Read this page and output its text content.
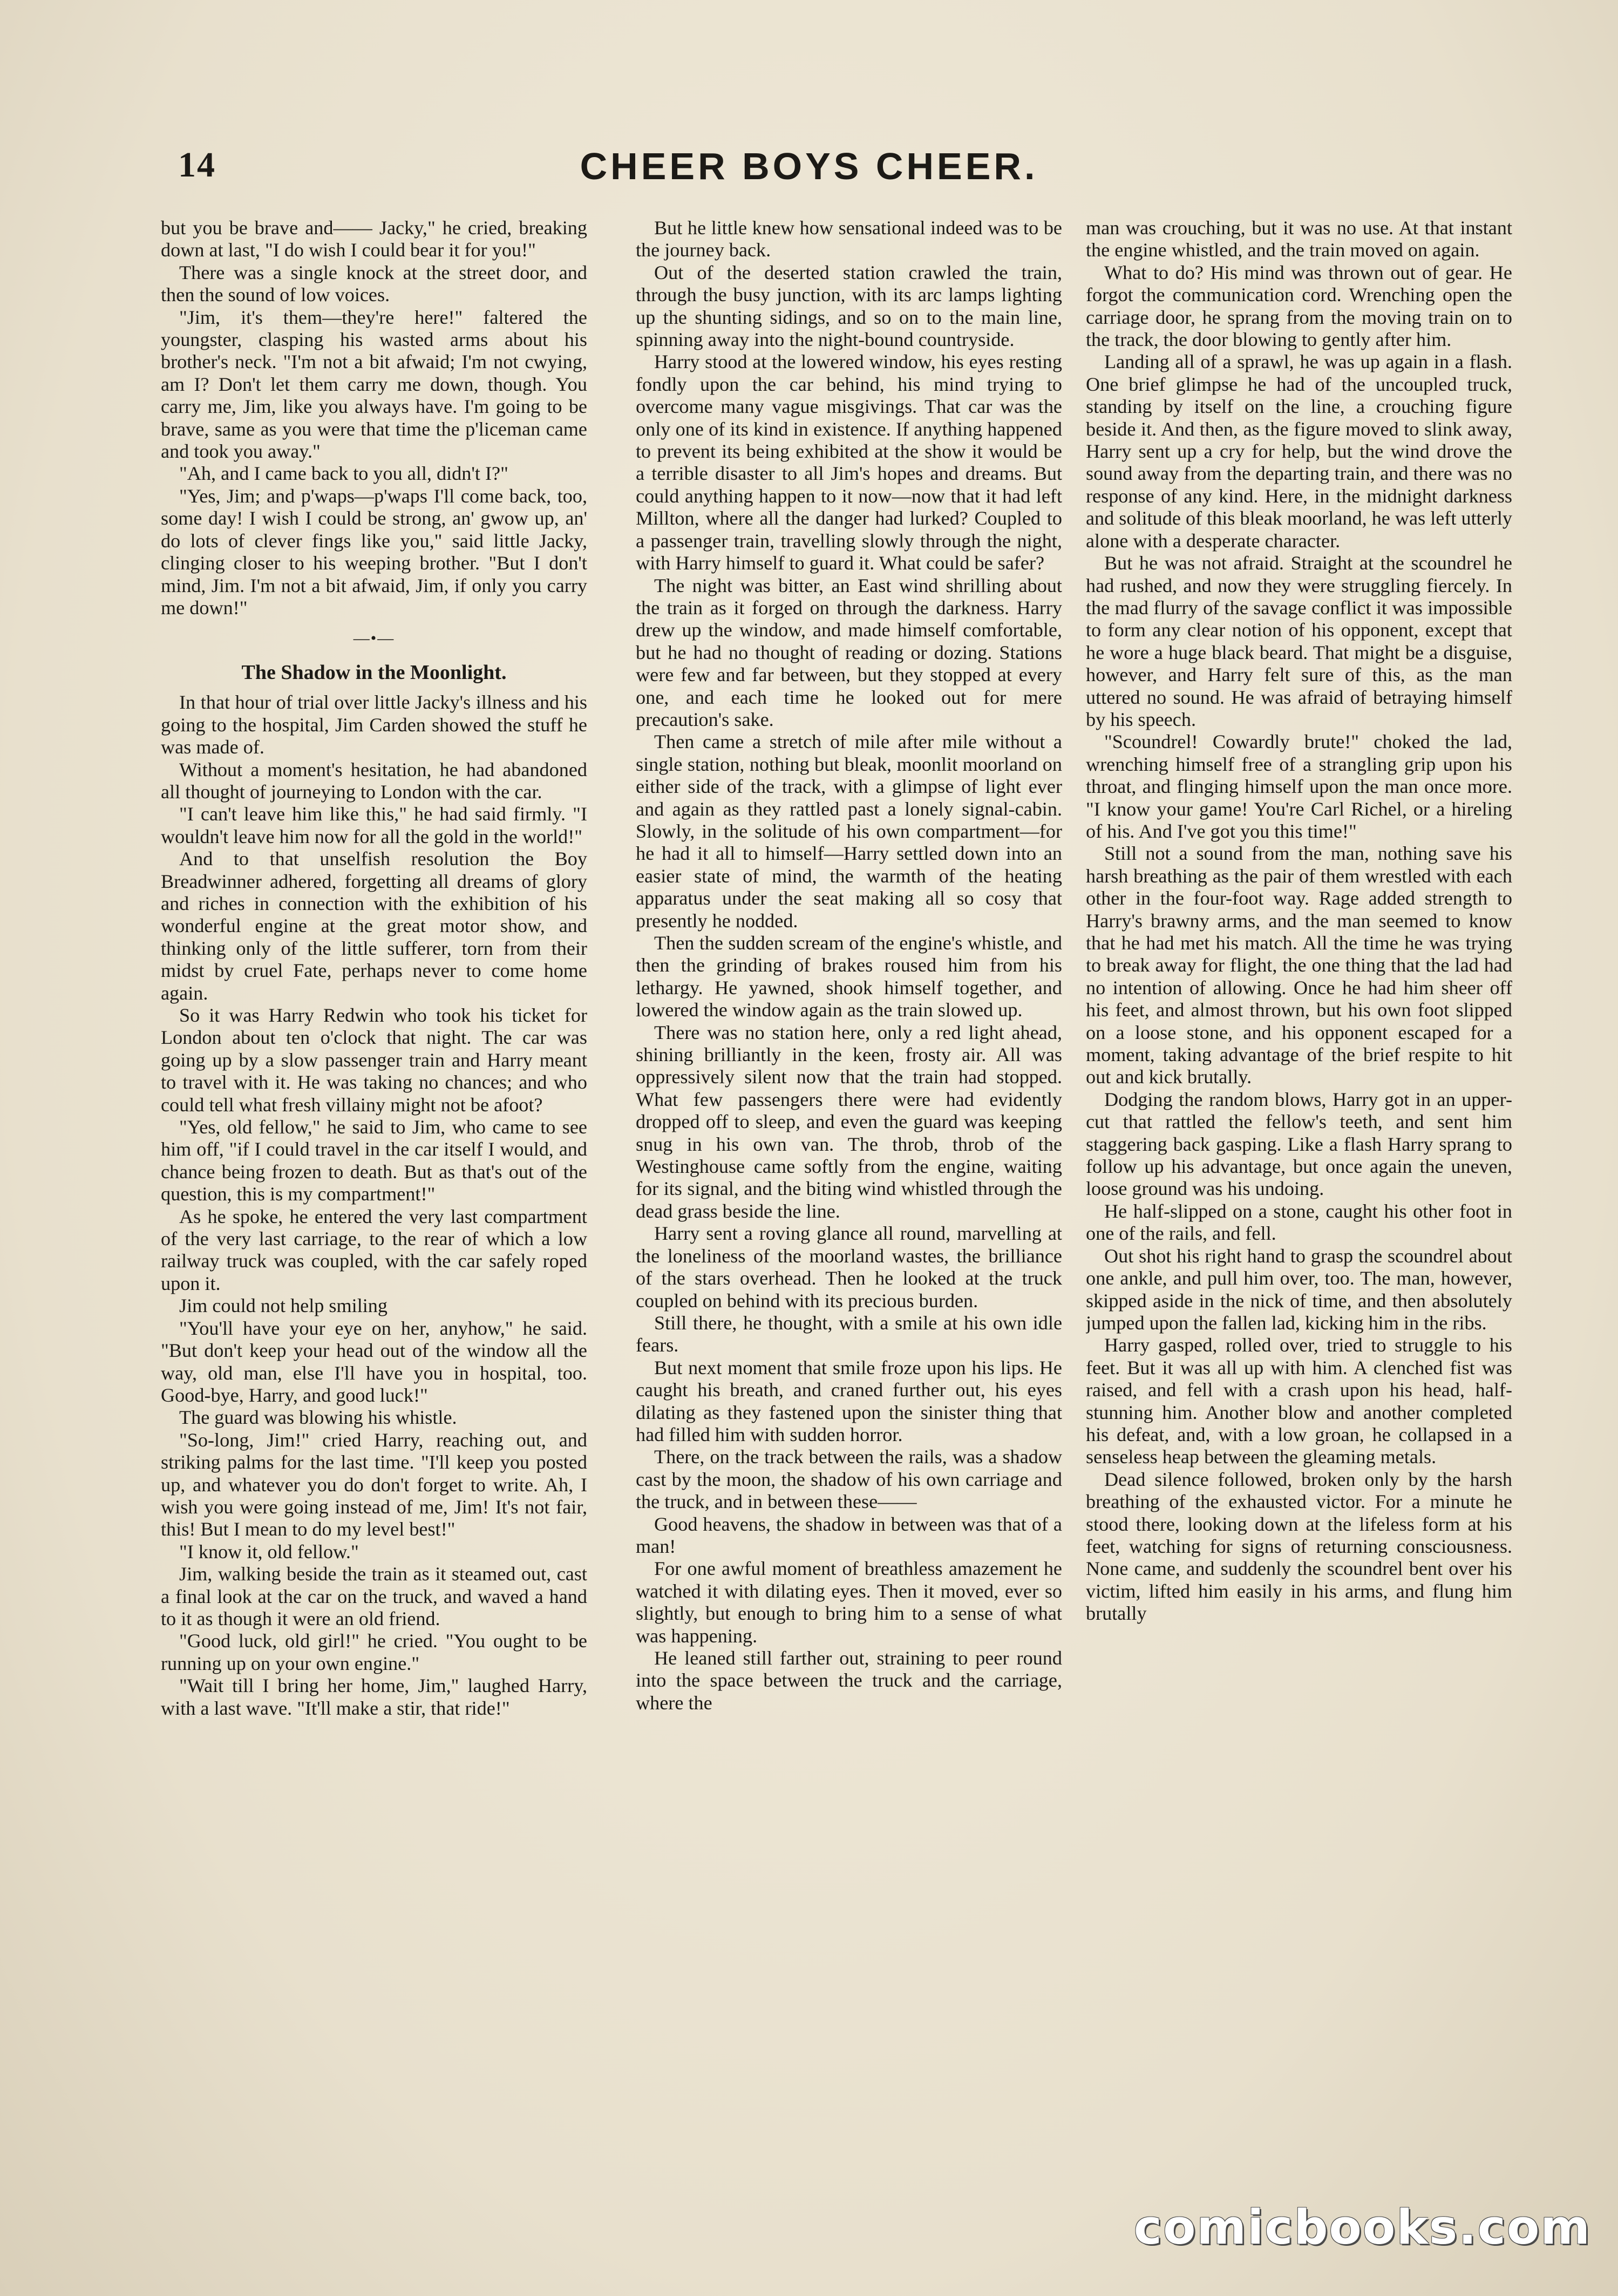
14	CHEER BOYS CHEER.

but you be brave and—— Jacky," he cried, breaking down at last, "I do wish I could bear it for you!"

There was a single knock at the street door, and then the sound of low voices.

"Jim, it's them—they're here!" faltered the youngster, clasping his wasted arms about his brother's neck. "I'm not a bit afwaid; I'm not cwying, am I? Don't let them carry me down, though. You carry me, Jim, like you always have. I'm going to be brave, same as you were that time the p'liceman came and took you away."

"Ah, and I came back to you all, didn't I?"

"Yes, Jim; and p'waps—p'waps I'll come back, too, some day! I wish I could be strong, an' gwow up, an' do lots of clever fings like you," said little Jacky, clinging closer to his weeping brother. "But I don't mind, Jim. I'm not a bit afwaid, Jim, if only you carry me down!"

—•—
The Shadow in the Moonlight.

In that hour of trial over little Jacky's illness and his going to the hospital, Jim Carden showed the stuff he was made of.

Without a moment's hesitation, he had abandoned all thought of journeying to London with the car.

"I can't leave him like this," he had said firmly. "I wouldn't leave him now for all the gold in the world!"

And to that unselfish resolution the Boy Breadwinner adhered, forgetting all dreams of glory and riches in connection with the exhibition of his wonderful engine at the great motor show, and thinking only of the little sufferer, torn from their midst by cruel Fate, perhaps never to come home again.

So it was Harry Redwin who took his ticket for London about ten o'clock that night. The car was going up by a slow passenger train and Harry meant to travel with it. He was taking no chances; and who could tell what fresh villainy might not be afoot?

"Yes, old fellow," he said to Jim, who came to see him off, "if I could travel in the car itself I would, and chance being frozen to death. But as that's out of the question, this is my compartment!"

As he spoke, he entered the very last compartment of the very last carriage, to the rear of which a low railway truck was coupled, with the car safely roped upon it.

Jim could not help smiling

"You'll have your eye on her, anyhow," he said. "But don't keep your head out of the window all the way, old man, else I'll have you in hospital, too. Good-bye, Harry, and good luck!"

The guard was blowing his whistle.

"So-long, Jim!" cried Harry, reaching out, and striking palms for the last time. "I'll keep you posted up, and whatever you do don't forget to write. Ah, I wish you were going instead of me, Jim! It's not fair, this! But I mean to do my level best!"

"I know it, old fellow."

Jim, walking beside the train as it steamed out, cast a final look at the car on the truck, and waved a hand to it as though it were an old friend.

"Good luck, old girl!" he cried. "You ought to be running up on your own engine."

"Wait till I bring her home, Jim," laughed Harry, with a last wave. "It'll make a stir, that ride!"

But he little knew how sensational indeed was to be the journey back.

Out of the deserted station crawled the train, through the busy junction, with its arc lamps lighting up the shunting sidings, and so on to the main line, spinning away into the night-bound countryside.

Harry stood at the lowered window, his eyes resting fondly upon the car behind, his mind trying to overcome many vague misgivings. That car was the only one of its kind in existence. If anything happened to prevent its being exhibited at the show it would be a terrible disaster to all Jim's hopes and dreams. But could anything happen to it now—now that it had left Millton, where all the danger had lurked? Coupled to a passenger train, travelling slowly through the night, with Harry himself to guard it. What could be safer?

The night was bitter, an East wind shrilling about the train as it forged on through the darkness. Harry drew up the window, and made himself comfortable, but he had no thought of reading or dozing. Stations were few and far between, but they stopped at every one, and each time he looked out for mere precaution's sake.

Then came a stretch of mile after mile without a single station, nothing but bleak, moonlit moorland on either side of the track, with a glimpse of light ever and again as they rattled past a lonely signal-cabin. Slowly, in the solitude of his own compartment—for he had it all to himself—Harry settled down into an easier state of mind, the warmth of the heating apparatus under the seat making all so cosy that presently he nodded.

Then the sudden scream of the engine's whistle, and then the grinding of brakes roused him from his lethargy. He yawned, shook himself together, and lowered the window again as the train slowed up.

There was no station here, only a red light ahead, shining brilliantly in the keen, frosty air. All was oppressively silent now that the train had stopped. What few passengers there were had evidently dropped off to sleep, and even the guard was keeping snug in his own van. The throb, throb of the Westinghouse came softly from the engine, waiting for its signal, and the biting wind whistled through the dead grass beside the line.

Harry sent a roving glance all round, marvelling at the loneliness of the moorland wastes, the brilliance of the stars overhead. Then he looked at the truck coupled on behind with its precious burden.

Still there, he thought, with a smile at his own idle fears.

But next moment that smile froze upon his lips. He caught his breath, and craned further out, his eyes dilating as they fastened upon the sinister thing that had filled him with sudden horror.

There, on the track between the rails, was a shadow cast by the moon, the shadow of his own carriage and the truck, and in between these——

Good heavens, the shadow in between was that of a man!

For one awful moment of breathless amazement he watched it with dilating eyes. Then it moved, ever so slightly, but enough to bring him to a sense of what was happening.

He leaned still farther out, straining to peer round into the space between the truck and the carriage, where the

man was crouching, but it was no use. At that instant the engine whistled, and the train moved on again.

What to do? His mind was thrown out of gear. He forgot the communication cord. Wrenching open the carriage door, he sprang from the moving train on to the track, the door blowing to gently after him.

Landing all of a sprawl, he was up again in a flash. One brief glimpse he had of the uncoupled truck, standing by itself on the line, a crouching figure beside it. And then, as the figure moved to slink away, Harry sent up a cry for help, but the wind drove the sound away from the departing train, and there was no response of any kind. Here, in the midnight darkness and solitude of this bleak moorland, he was left utterly alone with a desperate character.

But he was not afraid. Straight at the scoundrel he had rushed, and now they were struggling fiercely. In the mad flurry of the savage conflict it was impossible to form any clear notion of his opponent, except that he wore a huge black beard. That might be a disguise, however, and Harry felt sure of this, as the man uttered no sound. He was afraid of betraying himself by his speech.

"Scoundrel! Cowardly brute!" choked the lad, wrenching himself free of a strangling grip upon his throat, and flinging himself upon the man once more. "I know your game! You're Carl Richel, or a hireling of his. And I've got you this time!"

Still not a sound from the man, nothing save his harsh breathing as the pair of them wrestled with each other in the four-foot way. Rage added strength to Harry's brawny arms, and the man seemed to know that he had met his match. All the time he was trying to break away for flight, the one thing that the lad had no intention of allowing. Once he had him sheer off his feet, and almost thrown, but his own foot slipped on a loose stone, and his opponent escaped for a moment, taking advantage of the brief respite to hit out and kick brutally.

Dodging the random blows, Harry got in an upper-cut that rattled the fellow's teeth, and sent him staggering back gasping. Like a flash Harry sprang to follow up his advantage, but once again the uneven, loose ground was his undoing.

He half-slipped on a stone, caught his other foot in one of the rails, and fell.

Out shot his right hand to grasp the scoundrel about one ankle, and pull him over, too. The man, however, skipped aside in the nick of time, and then absolutely jumped upon the fallen lad, kicking him in the ribs.

Harry gasped, rolled over, tried to struggle to his feet. But it was all up with him. A clenched fist was raised, and fell with a crash upon his head, half-stunning him. Another blow and another completed his defeat, and, with a low groan, he collapsed in a senseless heap between the gleaming metals.

Dead silence followed, broken only by the harsh breathing of the exhausted victor. For a minute he stood there, looking down at the lifeless form at his feet, watching for signs of returning consciousness. None came, and suddenly the scoundrel bent over his victim, lifted him easily in his arms, and flung him brutally

comicbooks.com
